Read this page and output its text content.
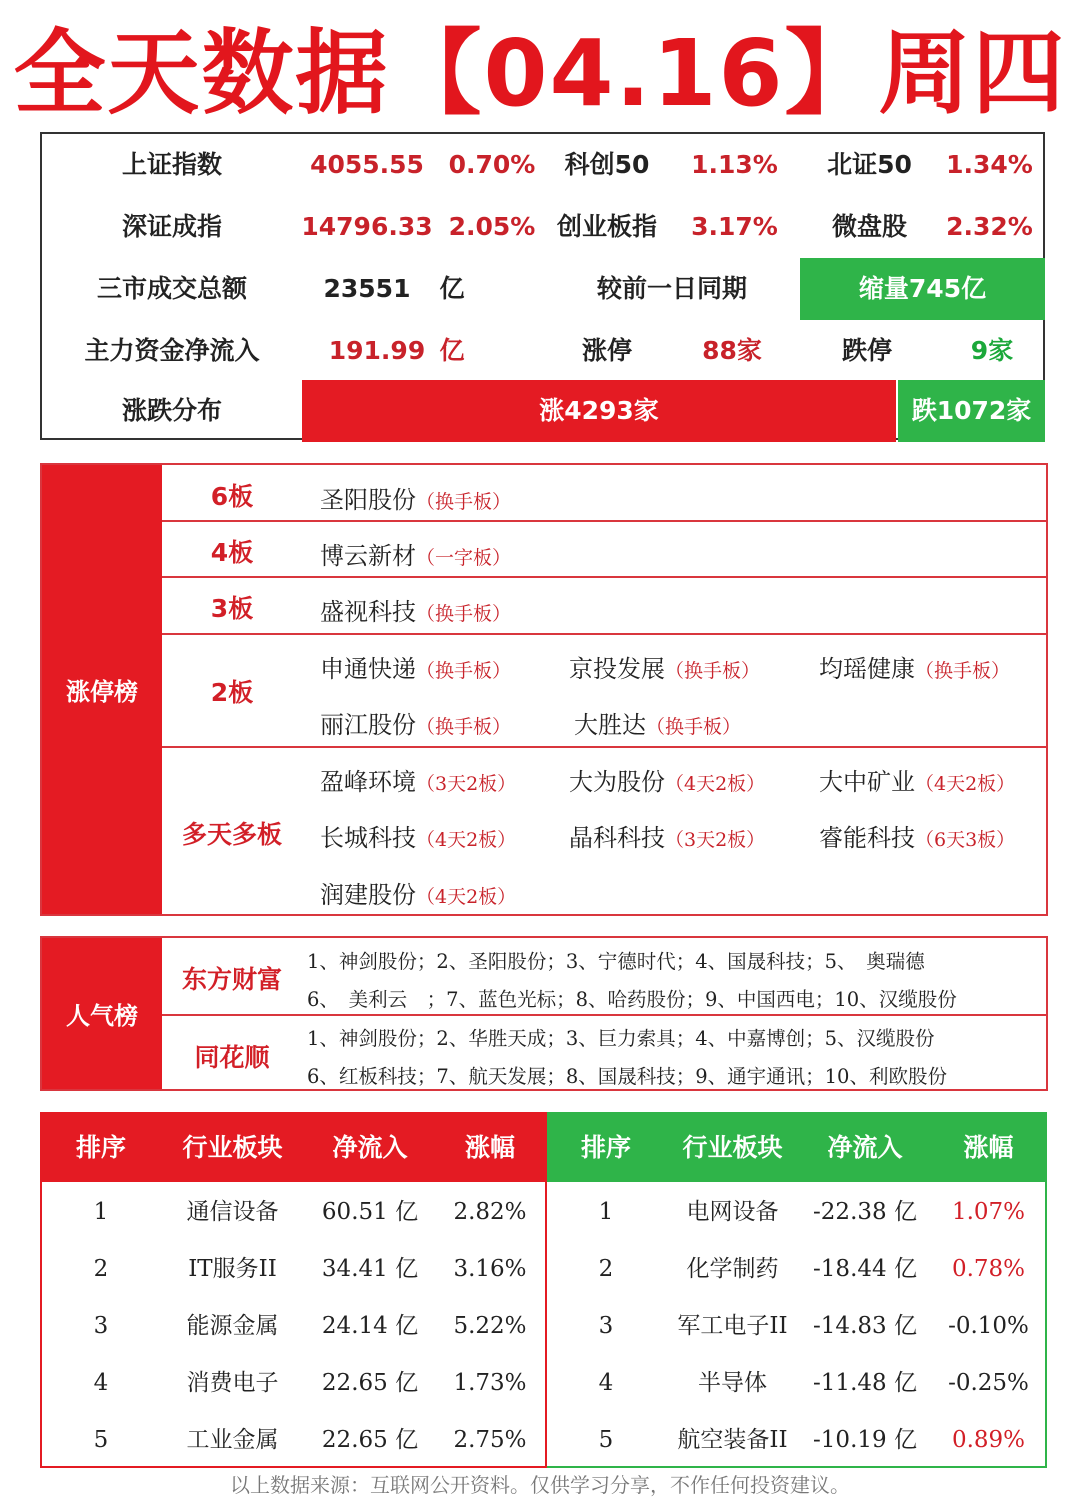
全天数据【04.16】周四
上证指数	4055.55 0.70%	科创50	1.13%	北证50	1.34%
深证成指	14796.33 2.05% 创业板指	3.17%	微盘股	2.32%
三市成交总额	23551	亿	较前一日同期	缩量745亿
主力资金净流入	191.99 亿	涨停	88家	跌停	9家
涨跌分布	涨4293家	跌1072家
涨停榜
6板	圣阳股份（换手板）
4板	博云新材（一字板）
3板	盛视科技（换手板）
2板
申通快递（换手板） 京投发展（换手板） 均瑶健康（换手板）
丽江股份（换手板）	大胜达（换手板）
多天多板
盈峰环境（3天2板） 大为股份（4天2板） 大中矿业（4天2板）
长城科技（4天2板） 晶科科技（3天2板） 睿能科技（6天3板）
润建股份（4天2板）
人气榜
东方财富
1、神剑股份；2、圣阳股份；3、宁德时代；4、国晟科技；5、　奥瑞德
6、　美利云　；7、蓝色光标；8、哈药股份；9、中国西电；10、汉缆股份
同花顺
1、神剑股份；2、华胜天成；3、巨力索具；4、中嘉博创；5、汉缆股份
6、红板科技；7、航天发展；8、国晟科技；9、通宇通讯；10、利欧股份
排序	行业板块	净流入	涨幅
1	通信设备	60.51 亿	2.82%
2	IT服务II	34.41 亿	3.16%
3	能源金属	24.14 亿	5.22%
4	消费电子	22.65 亿	1.73%
5	工业金属	22.65 亿	2.75%
排序	行业板块	净流入	涨幅
1	电网设备	-22.38 亿	1.07%
2	化学制药	-18.44 亿	0.78%
3	军工电子II	-14.83 亿	-0.10%
4	半导体	-11.48 亿	-0.25%
5	航空装备II	-10.19 亿	0.89%
以上数据来源：互联网公开资料。仅供学习分享，不作任何投资建议。
